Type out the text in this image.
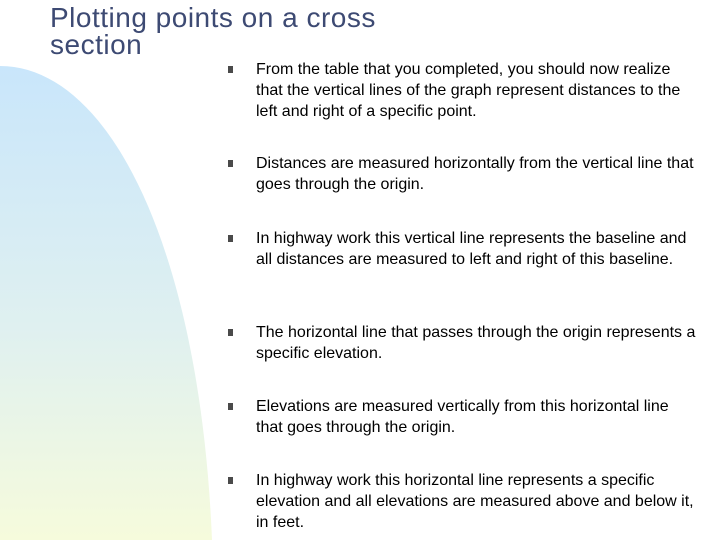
Plotting points on a cross
section
From the table that you completed, you should now realize that the vertical lines of the graph represent distances to the left and right of a specific point.
Distances are measured horizontally from the vertical line that goes through the origin.
In highway work this vertical line represents the baseline and all distances are measured to left and right of this baseline.
The horizontal line that passes through the origin represents a specific elevation.
Elevations are measured vertically from this horizontal line that goes through the origin.
In highway work this horizontal line represents a specific elevation and all elevations are measured above and below it, in feet.
